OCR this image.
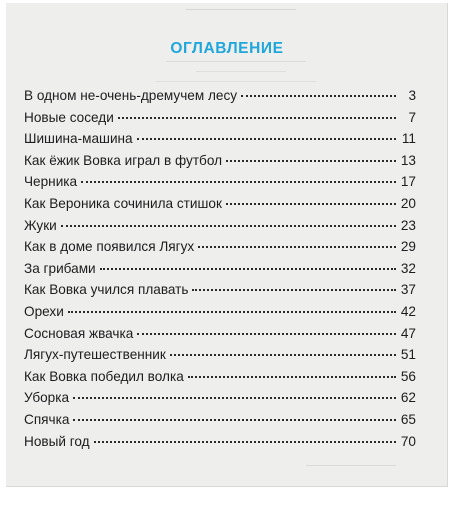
ОГЛАВЛЕНИЕ
В одном не-очень-дремучем лесу	3
Новые соседи	7
Шишина-машина	11
Как ёжик Вовка играл в футбол	13
Черника	17
Как Вероника сочинила стишок	20
Жуки	23
Как в доме появился Лягух	29
За грибами	32
Как Вовка учился плавать	37
Орехи	42
Сосновая жвачка	47
Лягух-путешественник	51
Как Вовка победил волка	56
Уборка	62
Спячка	65
Новый год	70
